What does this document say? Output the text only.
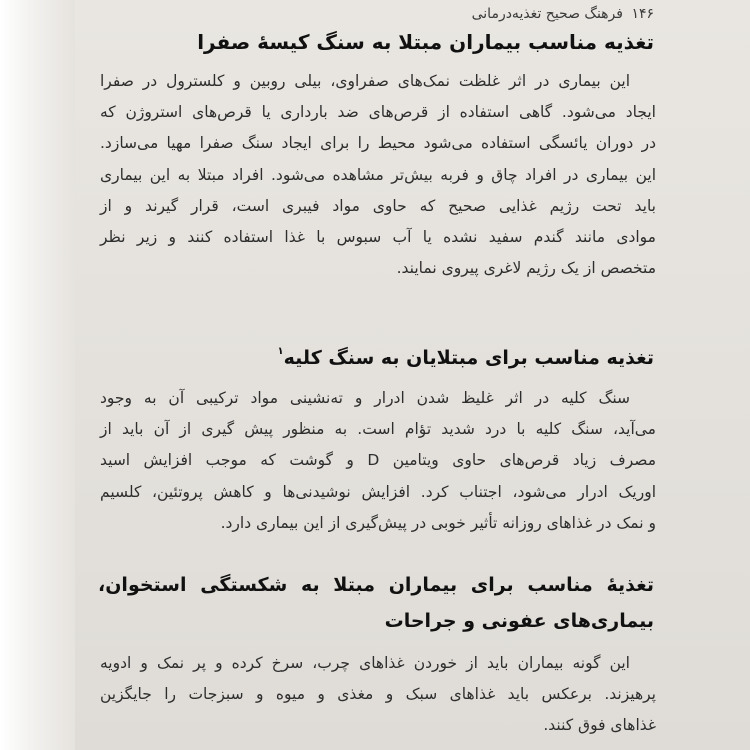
۱۴۶ فرهنگ صحیح تغذیه‌درمانی
تغذیه مناسب بیماران مبتلا به سنگ کیسهٔ صفرا
این بیماری در اثر غلظت نمک‌های صفراوی، بیلی روبین و کلسترول در صفرا
ایجاد می‌شود. گاهی استفاده از قرص‌های ضد بارداری یا قرص‌های استروژن که
در دوران یائسگی استفاده می‌شود محیط را برای ایجاد سنگ صفرا مهیا می‌سازد.
این بیماری در افراد چاق و فربه بیش‌تر مشاهده می‌شود. افراد مبتلا به این بیماری
باید تحت رژیم غذایی صحیح که حاوی مواد فیبری است، قرار گیرند و از
موادی مانند گندم سفید نشده یا آب سبوس با غذا استفاده کنند و زیر نظر
متخصص از یک رژیم لاغری پیروی نمایند.
تغذیه مناسب برای مبتلایان به سنگ کلیه$^۱$
سنگ کلیه در اثر غلیظ شدن ادرار و ته‌نشینی مواد ترکیبی آن به وجود
می‌آید، سنگ کلیه با درد شدید تؤام است. به منظور پیش گیری از آن باید از
مصرف زیاد قرص‌های حاوی ویتامین D و گوشت که موجب افزایش اسید
اوریک ادرار می‌شود، اجتناب کرد. افزایش نوشیدنی‌ها و کاهش پروتئین، کلسیم
و نمک در غذاهای روزانه تأثیر خوبی در پیش‌گیری از این بیماری دارد.
تغذیهٔ مناسب برای بیماران مبتلا به شکستگی استخوان،
بیماری‌های عفونی و جراحات
این گونه بیماران باید از خوردن غذاهای چرب، سرخ کرده و پر نمک و ادویه
پرهیزند. برعکس باید غذاهای سبک و مغذی و میوه و سبزجات را جایگزین
غذاهای فوق کنند.
